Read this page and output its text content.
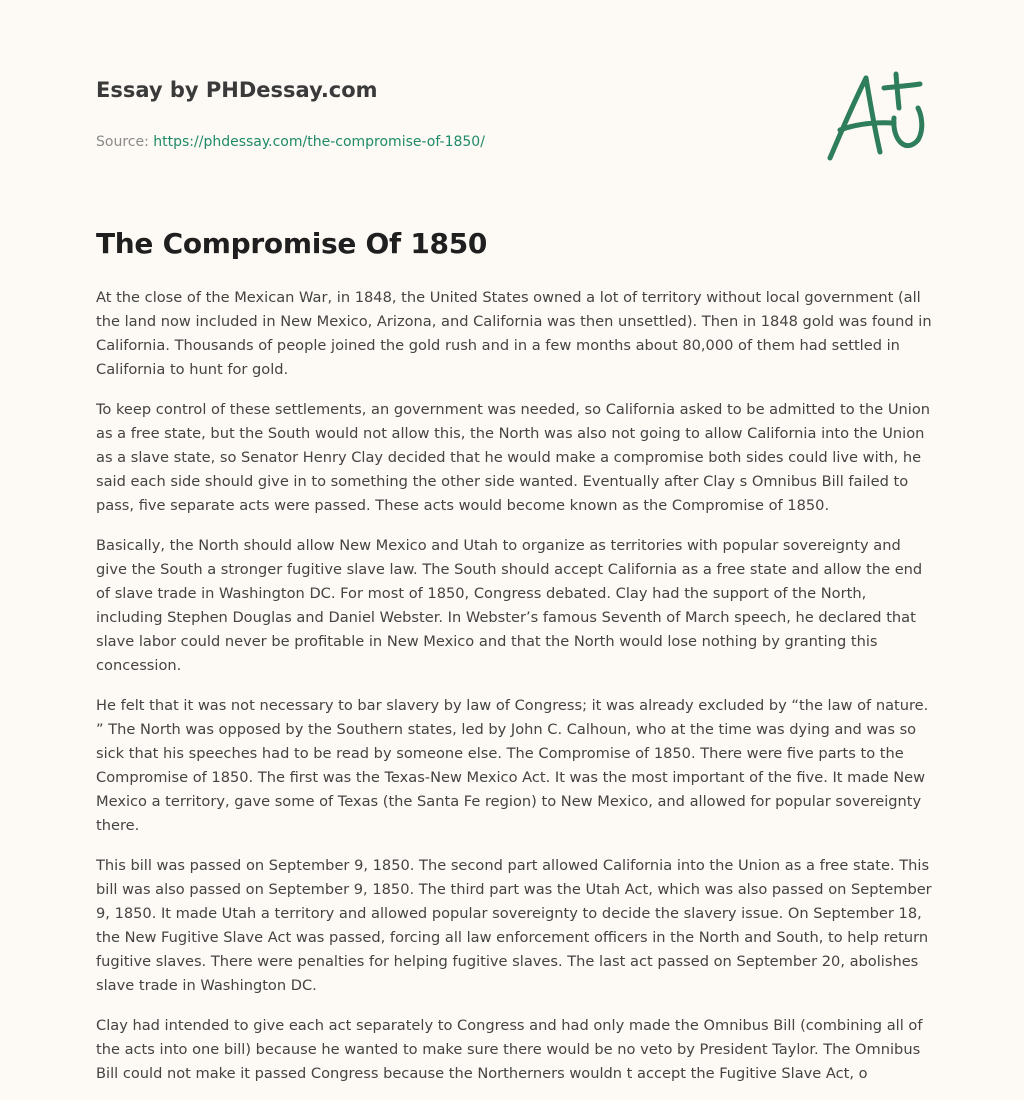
Essay by PHDessay.com
Source: https://phdessay.com/the-compromise-of-1850/
The Compromise Of 1850

At the close of the Mexican War, in 1848, the United States owned a lot of territory without local government (all the land now included in New Mexico, Arizona, and California was then unsettled). Then in 1848 gold was found in California. Thousands of people joined the gold rush and in a few months about 80,000 of them had settled in California to hunt for gold.

To keep control of these settlements, an government was needed, so California asked to be admitted to the Union as a free state, but the South would not allow this, the North was also not going to allow California into the Union as a slave state, so Senator Henry Clay decided that he would make a compromise both sides could live with, he said each side should give in to something the other side wanted. Eventually after Clay s Omnibus Bill failed to pass, five separate acts were passed. These acts would become known as the Compromise of 1850.

Basically, the North should allow New Mexico and Utah to organize as territories with popular sovereignty and give the South a stronger fugitive slave law. The South should accept California as a free state and allow the end of slave trade in Washington DC. For most of 1850, Congress debated. Clay had the support of the North, including Stephen Douglas and Daniel Webster. In Webster’s famous Seventh of March speech, he declared that slave labor could never be profitable in New Mexico and that the North would lose nothing by granting this concession.

He felt that it was not necessary to bar slavery by law of Congress; it was already excluded by “the law of nature. ” The North was opposed by the Southern states, led by John C. Calhoun, who at the time was dying and was so sick that his speeches had to be read by someone else. The Compromise of 1850. There were five parts to the Compromise of 1850. The first was the Texas-New Mexico Act. It was the most important of the five. It made New Mexico a territory, gave some of Texas (the Santa Fe region) to New Mexico, and allowed for popular sovereignty there.

This bill was passed on September 9, 1850. The second part allowed California into the Union as a free state. This bill was also passed on September 9, 1850. The third part was the Utah Act, which was also passed on September 9, 1850. It made Utah a territory and allowed popular sovereignty to decide the slavery issue. On September 18, the New Fugitive Slave Act was passed, forcing all law enforcement officers in the North and South, to help return fugitive slaves. There were penalties for helping fugitive slaves. The last act passed on September 20, abolishes slave trade in Washington DC.

Clay had intended to give each act separately to Congress and had only made the Omnibus Bill (combining all of the acts into one bill) because he wanted to make sure there would be no veto by President Taylor. The Omnibus Bill could not make it passed Congress because the Northerners wouldn t accept the Fugitive Slave Act, o
